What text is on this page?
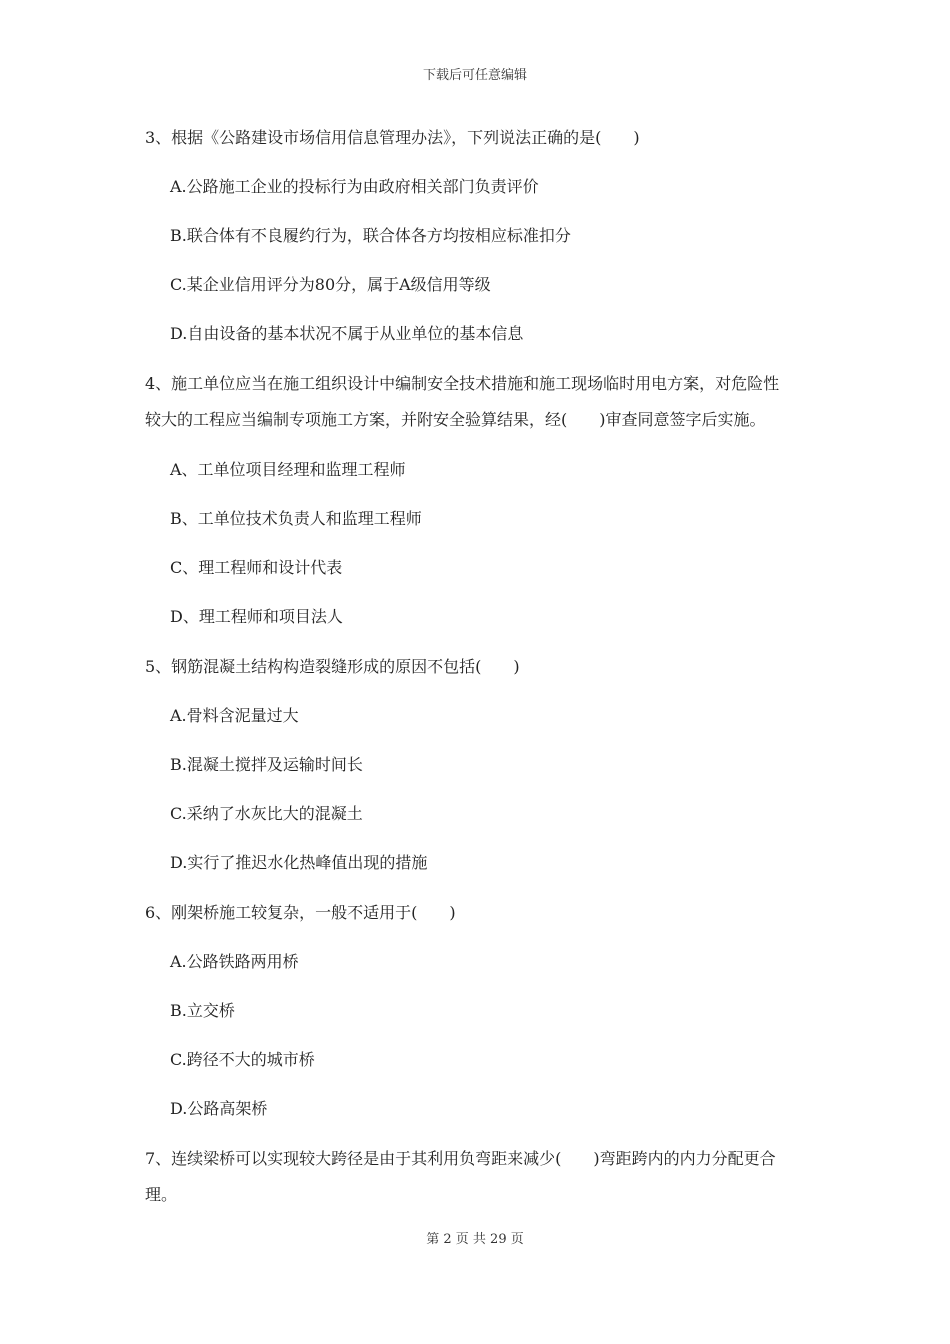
下载后可任意编辑
3、根据《公路建设市场信用信息管理办法》，下列说法正确的是(　　)
A.公路施工企业的投标行为由政府相关部门负责评价
B.联合体有不良履约行为，联合体各方均按相应标准扣分
C.某企业信用评分为80分，属于A级信用等级
D.自由设备的基本状况不属于从业单位的基本信息
4、施工单位应当在施工组织设计中编制安全技术措施和施工现场临时用电方案，对危险性
较大的工程应当编制专项施工方案，并附安全验算结果，经(　　)审查同意签字后实施。
A、工单位项目经理和监理工程师
B、工单位技术负责人和监理工程师
C、理工程师和设计代表
D、理工程师和项目法人
5、钢筋混凝土结构构造裂缝形成的原因不包括(　　)
A.骨料含泥量过大
B.混凝土搅拌及运输时间长
C.采纳了水灰比大的混凝土
D.实行了推迟水化热峰值出现的措施
6、刚架桥施工较复杂，一般不适用于(　　)
A.公路铁路两用桥
B.立交桥
C.跨径不大的城市桥
D.公路高架桥
7、连续梁桥可以实现较大跨径是由于其利用负弯距来减少(　　)弯距跨内的内力分配更合
理。
第 2 页 共 29 页
